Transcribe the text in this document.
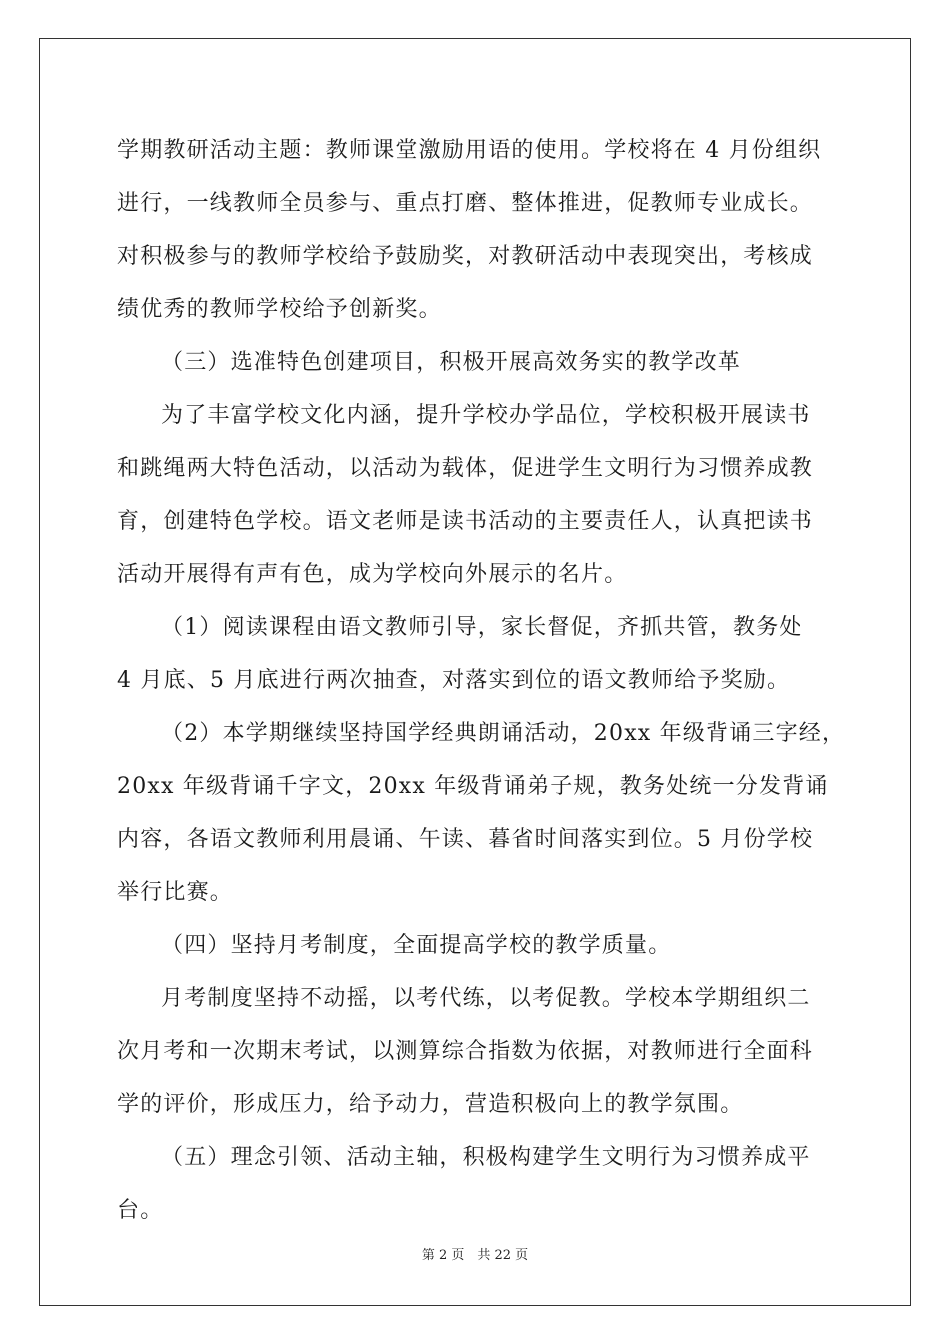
学期教研活动主题：教师课堂激励用语的使用。学校将在 4 月份组织
进行，一线教师全员参与、重点打磨、整体推进，促教师专业成长。
对积极参与的教师学校给予鼓励奖，对教研活动中表现突出，考核成
绩优秀的教师学校给予创新奖。
（三）选准特色创建项目，积极开展高效务实的教学改革
为了丰富学校文化内涵，提升学校办学品位，学校积极开展读书
和跳绳两大特色活动，以活动为载体，促进学生文明行为习惯养成教
育，创建特色学校。语文老师是读书活动的主要责任人，认真把读书
活动开展得有声有色，成为学校向外展示的名片。
（1）阅读课程由语文教师引导，家长督促，齐抓共管，教务处
4 月底、5 月底进行两次抽查，对落实到位的语文教师给予奖励。
（2）本学期继续坚持国学经典朗诵活动，20xx 年级背诵三字经，
20xx 年级背诵千字文，20xx 年级背诵弟子规，教务处统一分发背诵
内容，各语文教师利用晨诵、午读、暮省时间落实到位。5 月份学校
举行比赛。
（四）坚持月考制度，全面提高学校的教学质量。
月考制度坚持不动摇，以考代练，以考促教。学校本学期组织二
次月考和一次期末考试，以测算综合指数为依据，对教师进行全面科
学的评价，形成压力，给予动力，营造积极向上的教学氛围。
（五）理念引领、活动主轴，积极构建学生文明行为习惯养成平
台。
第 2 页　共 22 页
